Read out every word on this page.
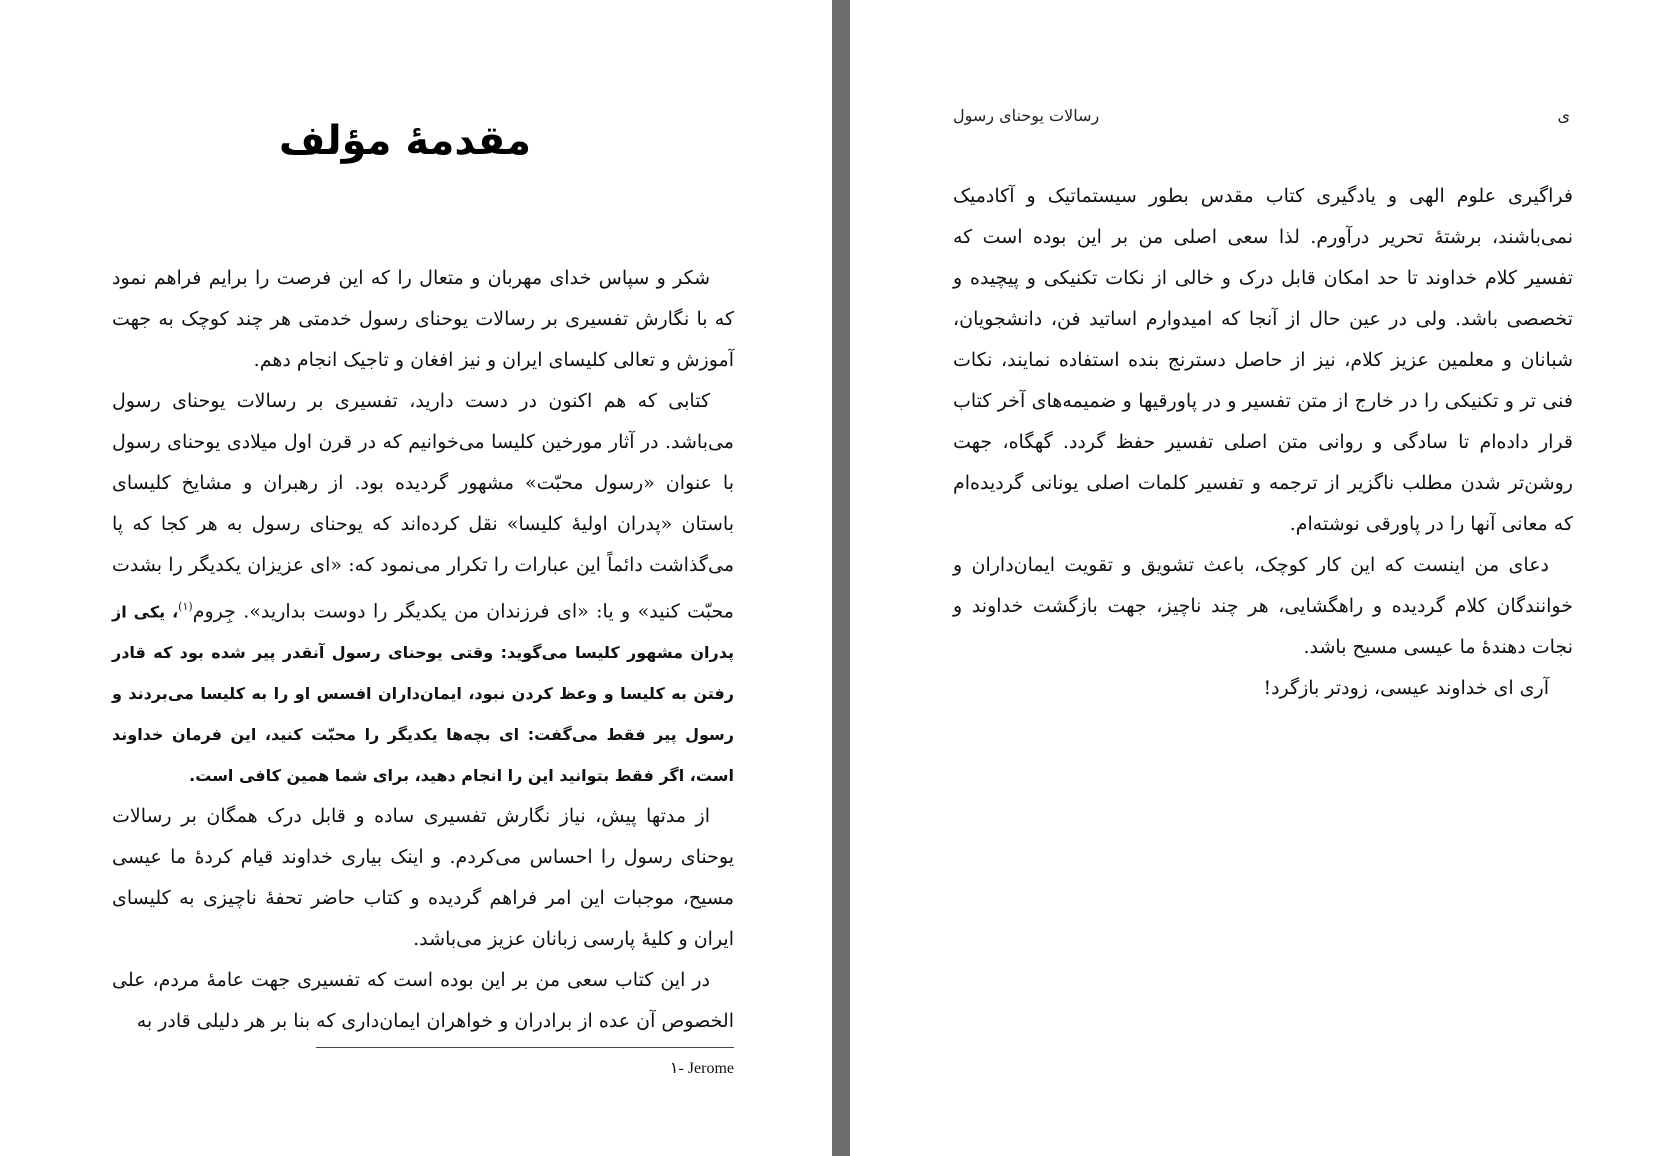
مقدمهٔ مؤلف

شکر و سپاس خدای مهربان و متعال را که این فرصت را برایم فراهم نمود که با نگارش تفسیری بر رسالات یوحنای رسول خدمتی هر چند کوچک به جهت آموزش و تعالی کلیسای ایران و نیز افغان و تاجیک انجام دهم.

کتابی که هم اکنون در دست دارید، تفسیری بر رسالات یوحنای رسول می‌باشد. در آثار مورخین کلیسا می‌خوانیم که در قرن اول میلادی یوحنای رسول با عنوان «رسول محبّت» مشهور گردیده بود. از رهبران و مشایخ کلیسای باستان «پدران اولیهٔ کلیسا» نقل کرده‌اند که یوحنای رسول به هر کجا که پا می‌گذاشت دائماً این عبارات را تکرار می‌نمود که: «ای عزیزان یکدیگر را بشدت محبّت کنید» و یا: «ای فرزندان من یکدیگر را دوست بدارید». جِروم$^{(۱)}$، یکی از پدران مشهور کلیسا می‌گوید: وقتی یوحنای رسول آنقدر پیر شده بود که قادر رفتن به کلیسا و وعظ کردن نبود، ایمان‌داران افسس او را به کلیسا می‌بردند و رسول پیر فقط می‌گفت: ای بچه‌ها یکدیگر را محبّت کنید، این فرمان خداوند است، اگر فقط بتوانید این را انجام دهید، برای شما همین کافی است.

از مدتها پیش، نیاز نگارش تفسیری ساده و قابل درک همگان بر رسالات یوحنای رسول را احساس می‌کردم. و اینک بیاری خداوند قیام کردهٔ ما عیسی مسیح، موجبات این امر فراهم گردیده و کتاب حاضر تحفهٔ ناچیزی به کلیسای ایران و کلیهٔ پارسی زبانان عزیز می‌باشد.

در این کتاب سعی من بر این بوده است که تفسیری جهت عامهٔ مردم، علی الخصوص آن عده از برادران و خواهران ایمان‌داری که بنا بر هر دلیلی قادر به

۱- Jerome
رسالات یوحنای رسول	ی

فراگیری علوم الهی و یادگیری کتاب مقدس بطور سیستماتیک و آکادمیک نمی‌باشند، برشتهٔ تحریر درآورم. لذا سعی اصلی من بر این بوده است که تفسیر کلام خداوند تا حد امکان قابل درک و خالی از نکات تکنیکی و پیچیده و تخصصی باشد. ولی در عین حال از آنجا که امیدوارم اساتید فن، دانشجویان، شبانان و معلمین عزیز کلام، نیز از حاصل دسترنج بنده استفاده نمایند، نکات فنی تر و تکنیکی را در خارج از متن تفسیر و در پاورقیها و ضمیمه‌های آخر کتاب قرار داده‌ام تا سادگی و روانی متن اصلی تفسیر حفظ گردد. گهگاه، جهت روشن‌تر شدن مطلب ناگزیر از ترجمه و تفسیر کلمات اصلی یونانی گردیده‌ام که معانی آنها را در پاورقی نوشته‌ام.

دعای من اینست که این کار کوچک، باعث تشویق و تقویت ایمان‌داران و خوانندگان کلام گردیده و راهگشایی، هر چند ناچیز، جهت بازگشت خداوند و نجات دهندهٔ ما عیسی مسیح باشد.

آری ای خداوند عیسی، زودتر بازگرد!
